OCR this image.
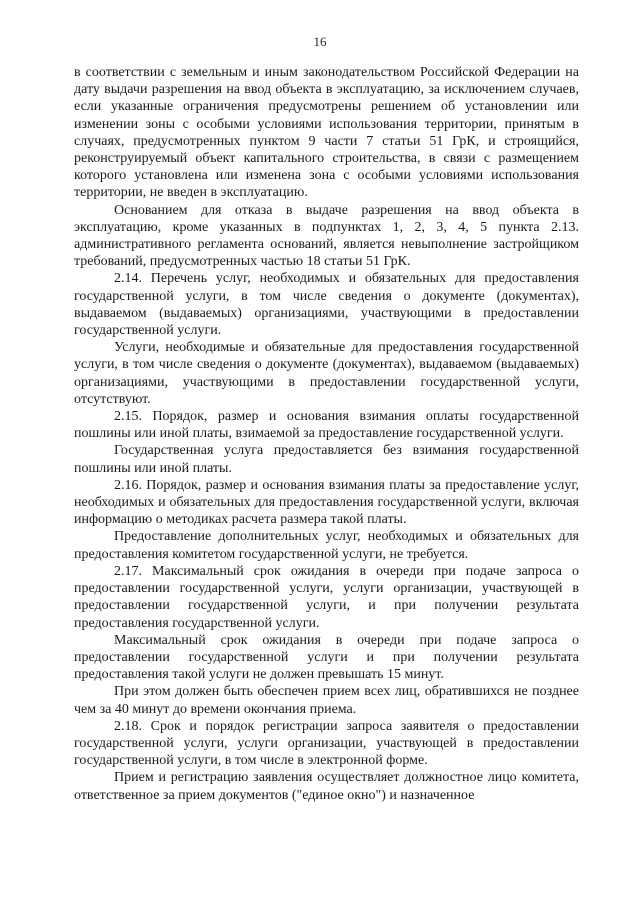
16

в соответствии с земельным и иным законодательством Российской Федерации на дату выдачи разрешения на ввод объекта в эксплуатацию, за исключением случаев, если указанные ограничения предусмотрены решением об установлении или изменении зоны с особыми условиями использования территории, принятым в случаях, предусмотренных пунктом 9 части 7 статьи 51 ГрК, и строящийся, реконструируемый объект капитального строительства, в связи с размещением которого установлена или изменена зона с особыми условиями использования территории, не введен в эксплуатацию.

Основанием для отказа в выдаче разрешения на ввод объекта в эксплуатацию, кроме указанных в подпунктах 1, 2, 3, 4, 5 пункта 2.13. административного регламента оснований, является невыполнение застройщиком требований, предусмотренных частью 18 статьи 51 ГрК.

2.14. Перечень услуг, необходимых и обязательных для предоставления государственной услуги, в том числе сведения о документе (документах), выдаваемом (выдаваемых) организациями, участвующими в предоставлении государственной услуги.

Услуги, необходимые и обязательные для предоставления государственной услуги, в том числе сведения о документе (документах), выдаваемом (выдаваемых) организациями, участвующими в предоставлении государственной услуги, отсутствуют.

2.15. Порядок, размер и основания взимания оплаты государственной пошлины или иной платы, взимаемой за предоставление государственной услуги.

Государственная услуга предоставляется без взимания государственной пошлины или иной платы.

2.16. Порядок, размер и основания взимания платы за предоставление услуг, необходимых и обязательных для предоставления государственной услуги, включая информацию о методиках расчета размера такой платы.

Предоставление дополнительных услуг, необходимых и обязательных для предоставления комитетом государственной услуги, не требуется.

2.17. Максимальный срок ожидания в очереди при подаче запроса о предоставлении государственной услуги, услуги организации, участвующей в предоставлении государственной услуги, и при получении результата предоставления государственной услуги.

Максимальный срок ожидания в очереди при подаче запроса о предоставлении государственной услуги и при получении результата предоставления такой услуги не должен превышать 15 минут.

При этом должен быть обеспечен прием всех лиц, обратившихся не позднее чем за 40 минут до времени окончания приема.

2.18. Срок и порядок регистрации запроса заявителя о предоставлении государственной услуги, услуги организации, участвующей в предоставлении государственной услуги, в том числе в электронной форме.

Прием и регистрацию заявления осуществляет должностное лицо комитета, ответственное за прием документов ("единое окно") и назначенное
